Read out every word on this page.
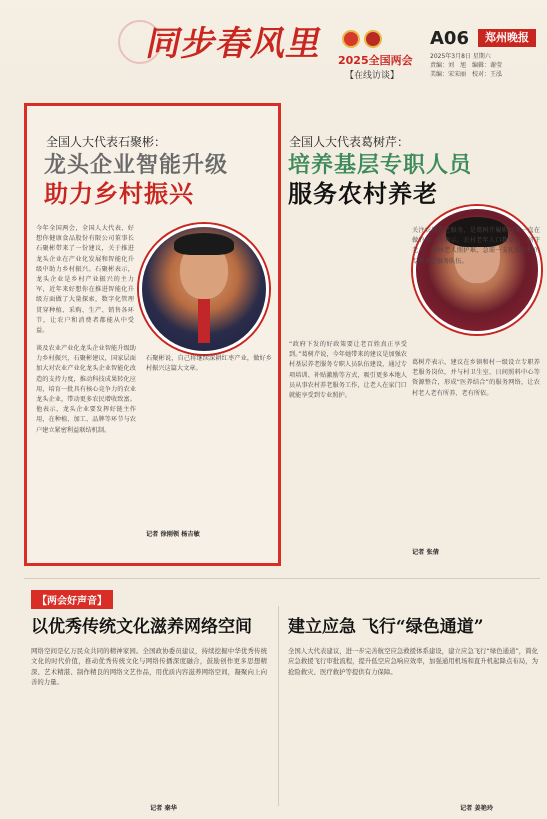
同步春风里 2025全国两会
【在线访谈】
A06	郑州晚报
2025年3月8日 星期六
责编：刘　旭　编辑：谢莹
美编：宋宋丽　校对：王泓
全国人大代表石聚彬：
龙头企业智能升级
助力乡村振兴
今年全国两会，全国人大代表、好想你健康食品股份有限公司董事长石聚彬带来了一份建议，关于推进龙头企业在产业化发展和智能化升级中助力乡村振兴。石聚彬表示，龙头企业是乡村产业振兴的主力军，近年来好想你在推进智能化升级方面做了大量探索，数字化管理贯穿种植、采购、生产、销售各环节，让农户和消费者都能从中受益。
谈及农业产业化龙头企业智能升级助力乡村振兴，石聚彬建议，国家层面加大对农业产业化龙头企业智能化改造的支持力度，推动科技成果转化应用，培育一批具有核心竞争力的农业龙头企业，带动更多农民增收致富。他表示，龙头企业要发挥好链主作用，在种植、加工、品牌等环节与农户建立紧密利益联结机制。
石聚彬说，自己将继续深耕红枣产业，做好乡村振兴这篇大文章。
记者 徐刚领 杨吉敏
全国人大代表葛树芹：
培养基层专职人员
服务农村养老
关注农村养老服务，是葛树芹履职以来一直在做的事。她表示，农村老年人口数量大，留守老人、独居老人照护难，急需一支扎根乡村的专职养老服务队伍。
“政府下发的好政策要让老百姓真正享受到。”葛树芹说，今年她带来的建议是加强农村基层养老服务专职人员队伍建设，通过专项培训、补贴激励等方式，吸引更多本地人员从事农村养老服务工作，让老人在家门口就能享受到专业照护。
葛树芹表示，建议在乡镇和村一级设立专职养老服务岗位，并与村卫生室、日间照料中心等资源整合，形成“医养结合”的服务网络，让农村老人老有所养、老有所依。
记者 张倩
【两会好声音】
以优秀传统文化滋养网络空间
网络空间是亿万民众共同的精神家园。全国政协委员建议，持续挖掘中华优秀传统文化的时代价值，推动优秀传统文化与网络传播深度融合，鼓励创作更多思想精深、艺术精湛、制作精良的网络文艺作品，用优质内容滋养网络空间，凝聚向上向善的力量。
记者 秦华
建立应急 飞行“绿色通道”
全国人大代表建议，进一步完善航空应急救援体系建设，建立应急飞行“绿色通道”，简化应急救援飞行审批流程，提升低空应急响应效率，加强通用机场和直升机起降点布局，为抢险救灾、医疗救护等提供有力保障。
记者 姜艳玲
